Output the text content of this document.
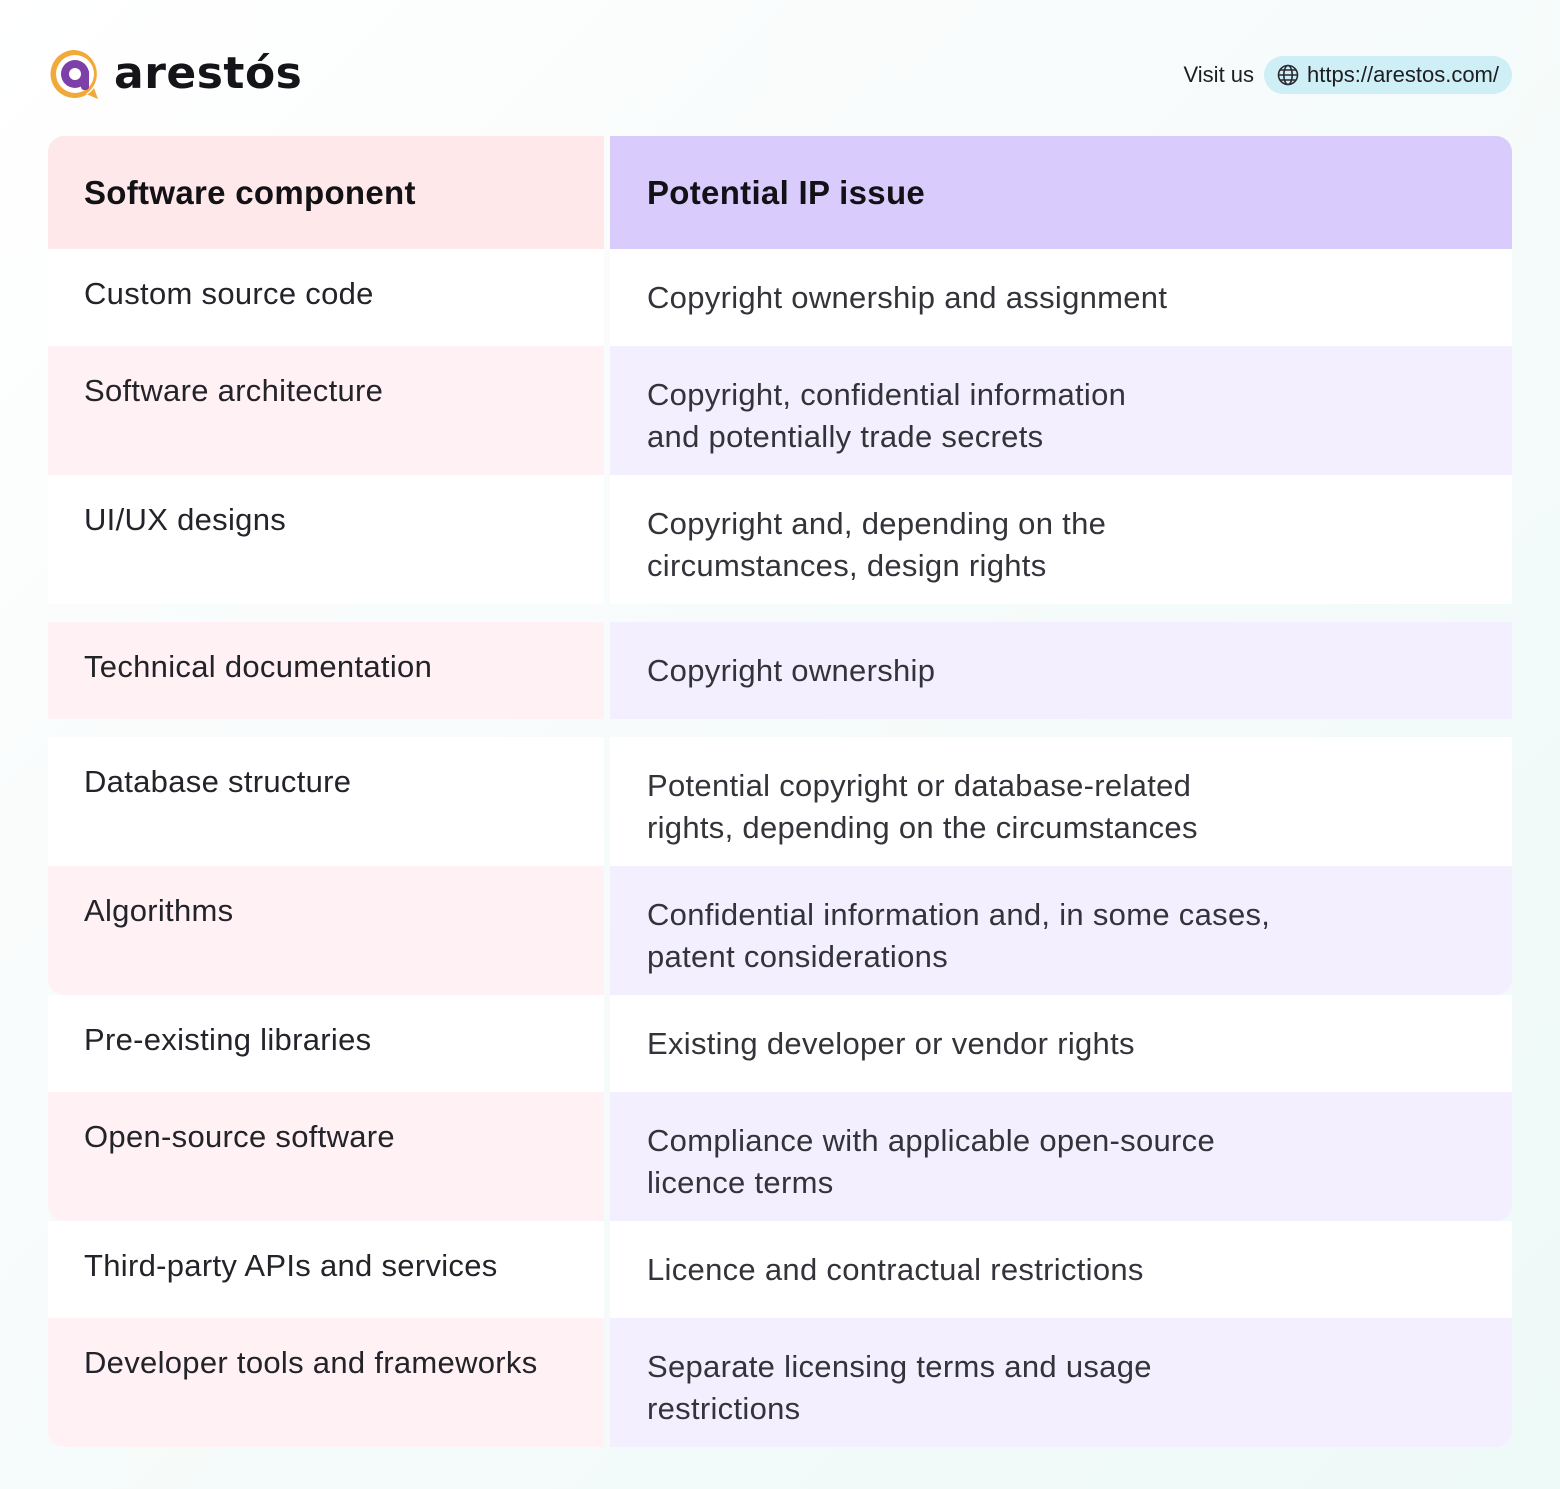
arestós	Visit us https://arestos.com/
Software component	Potential IP issue
Custom source code	Copyright ownership and assignment
Software architecture	Copyright, confidential information
and potentially trade secrets
UI/UX designs	Copyright and, depending on the
circumstances, design rights
Technical documentation	Copyright ownership
Database structure	Potential copyright or database-related
rights, depending on the circumstances
Algorithms	Confidential information and, in some cases,
patent considerations
Pre-existing libraries	Existing developer or vendor rights
Open-source software	Compliance with applicable open-source
licence terms
Third-party APIs and services	Licence and contractual restrictions
Developer tools and frameworks	Separate licensing terms and usage
restrictions
